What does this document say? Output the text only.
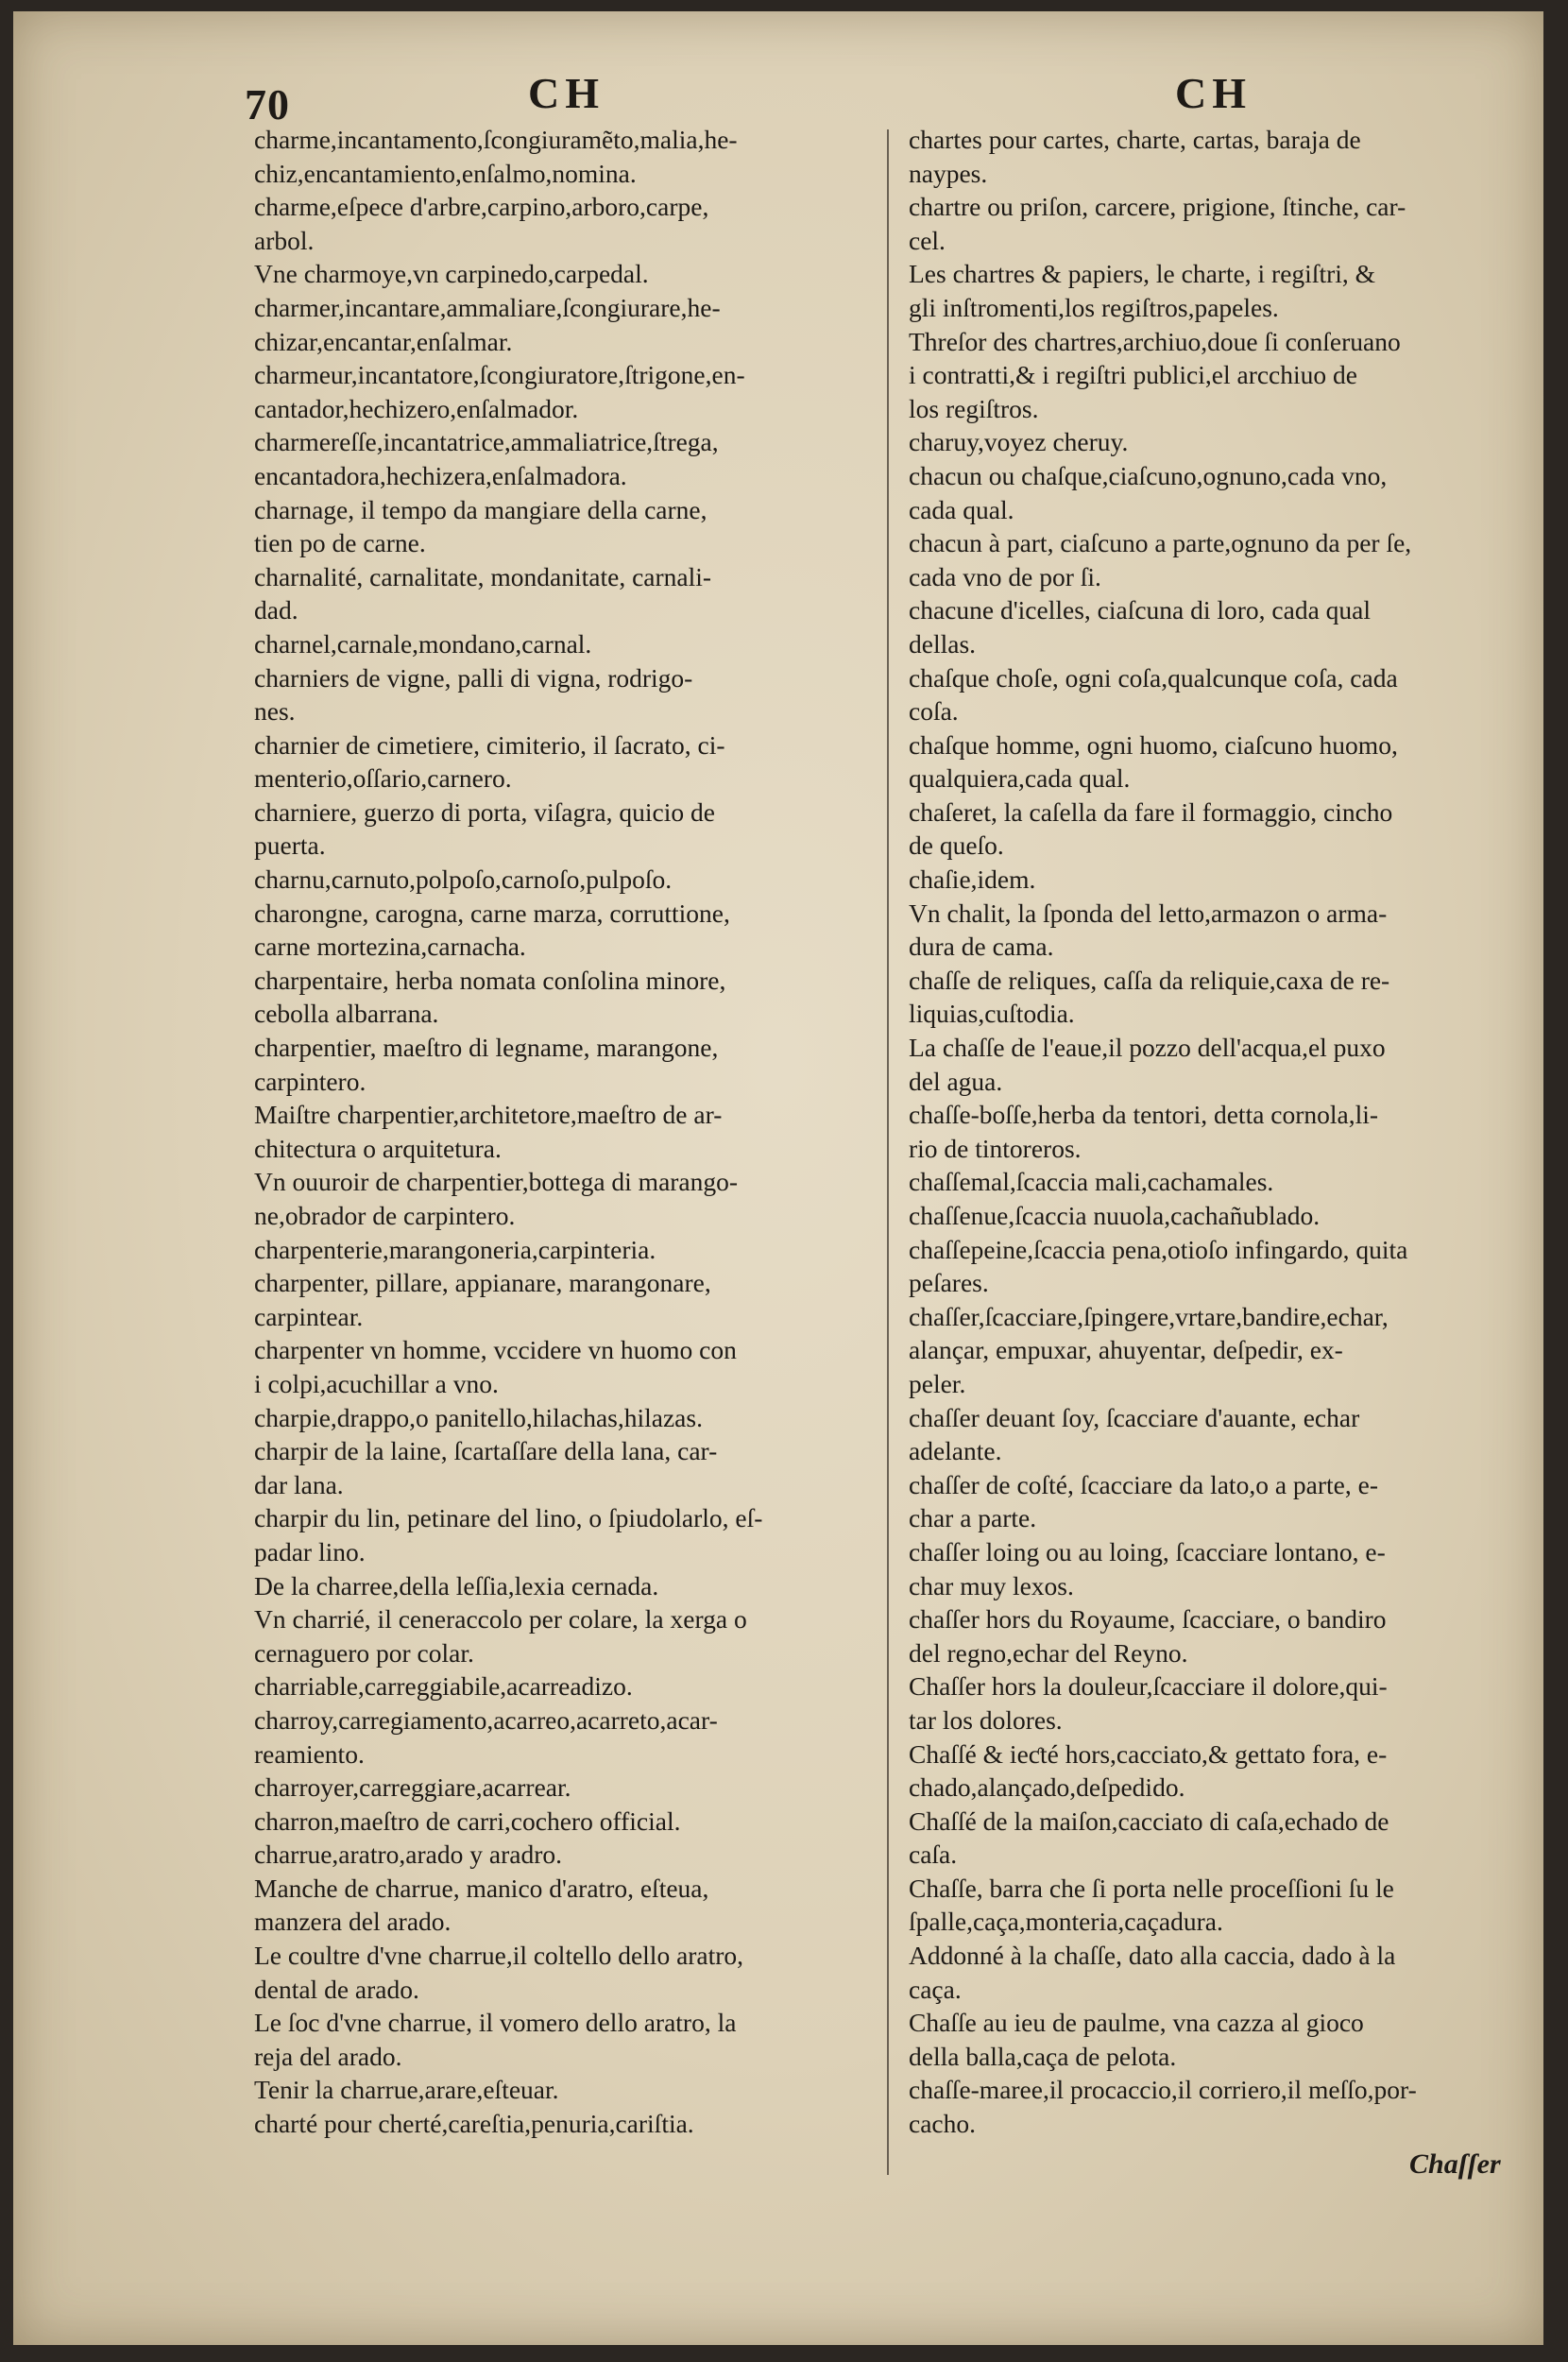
70	CH	CH
charme,incantamento,ſcongiuramẽto,malia,he-
chiz,encantamiento,enſalmo,nomina.
charme,eſpece d'arbre,carpino,arboro,carpe,
arbol.
Vne charmoye,vn carpinedo,carpedal.
charmer,incantare,ammaliare,ſcongiurare,he-
chizar,encantar,enſalmar.
charmeur,incantatore,ſcongiuratore,ſtrigone,en-
cantador,hechizero,enſalmador.
charmereſſe,incantatrice,ammaliatrice,ſtrega,
encantadora,hechizera,enſalmadora.
charnage, il tempo da mangiare della carne,
tien po de carne.
charnalité, carnalitate, mondanitate, carnali-
dad.
charnel,carnale,mondano,carnal.
charniers de vigne, palli di vigna, rodrigo-
nes.
charnier de cimetiere, cimiterio, il ſacrato, ci-
menterio,oſſario,carnero.
charniere, guerzo di porta, viſagra, quicio de
puerta.
charnu,carnuto,polpoſo,carnoſo,pulpoſo.
charongne, carogna, carne marza, corruttione,
carne mortezina,carnacha.
charpentaire, herba nomata conſolina minore,
cebolla albarrana.
charpentier, maeſtro di legname, marangone,
carpintero.
Maiſtre charpentier,architetore,maeſtro de ar-
chitectura o arquitetura.
Vn ouuroir de charpentier,bottega di marango-
ne,obrador de carpintero.
charpenterie,marangoneria,carpinteria.
charpenter, pillare, appianare, marangonare,
carpintear.
charpenter vn homme, vccidere vn huomo con
i colpi,acuchillar a vno.
charpie,drappo,o panitello,hilachas,hilazas.
charpir de la laine, ſcartaſſare della lana, car-
dar lana.
charpir du lin, petinare del lino, o ſpiudolarlo, eſ-
padar lino.
De la charree,della leſſia,lexia cernada.
Vn charrié, il ceneraccolo per colare, la xerga o
cernaguero por colar.
charriable,carreggiabile,acarreadizo.
charroy,carregiamento,acarreo,acarreto,acar-
reamiento.
charroyer,carreggiare,acarrear.
charron,maeſtro de carri,cochero official.
charrue,aratro,arado y aradro.
Manche de charrue, manico d'aratro, eſteua,
manzera del arado.
Le coultre d'vne charrue,il coltello dello aratro,
dental de arado.
Le ſoc d'vne charrue, il vomero dello aratro, la
reja del arado.
Tenir la charrue,arare,eſteuar.
charté pour cherté,careſtia,penuria,cariſtia.
chartes pour cartes, charte, cartas, baraja de
naypes.
chartre ou priſon, carcere, prigione, ſtinche, car-
cel.
Les chartres & papiers, le charte, i regiſtri, &
gli inſtromenti,los regiſtros,papeles.
Threſor des chartres,archiuo,doue ſi conſeruano
i contratti,& i regiſtri publici,el arcchiuo de
los regiſtros.
charuy,voyez cheruy.
chacun ou chaſque,ciaſcuno,ognuno,cada vno,
cada qual.
chacun à part, ciaſcuno a parte,ognuno da per ſe,
cada vno de por ſi.
chacune d'icelles, ciaſcuna di loro, cada qual
dellas.
chaſque choſe, ogni coſa,qualcunque coſa, cada
coſa.
chaſque homme, ogni huomo, ciaſcuno huomo,
qualquiera,cada qual.
chaſeret, la caſella da fare il formaggio, cincho
de queſo.
chaſie,idem.
Vn chalit, la ſponda del letto,armazon o arma-
dura de cama.
chaſſe de reliques, caſſa da reliquie,caxa de re-
liquias,cuſtodia.
La chaſſe de l'eaue,il pozzo dell'acqua,el puxo
del agua.
chaſſe-boſſe,herba da tentori, detta cornola,li-
rio de tintoreros.
chaſſemal,ſcaccia mali,cachamales.
chaſſenue,ſcaccia nuuola,cachañublado.
chaſſepeine,ſcaccia pena,otioſo infingardo, quita
peſares.
chaſſer,ſcacciare,ſpingere,vrtare,bandire,echar,
alançar, empuxar, ahuyentar, deſpedir, ex-
peler.
chaſſer deuant ſoy, ſcacciare d'auante, echar
adelante.
chaſſer de coſté, ſcacciare da lato,o a parte, e-
char a parte.
chaſſer loing ou au loing, ſcacciare lontano, e-
char muy lexos.
chaſſer hors du Royaume, ſcacciare, o bandiro
del regno,echar del Reyno.
Chaſſer hors la douleur,ſcacciare il dolore,qui-
tar los dolores.
Chaſſé & ieƈté hors,cacciato,& gettato fora, e-
chado,alançado,deſpedido.
Chaſſé de la maiſon,cacciato di caſa,echado de
caſa.
Chaſſe, barra che ſi porta nelle proceſſioni ſu le
ſpalle,caça,monteria,caçadura.
Addonné à la chaſſe, dato alla caccia, dado à la
caça.
Chaſſe au ieu de paulme, vna cazza al gioco
della balla,caça de pelota.
chaſſe-maree,il procaccio,il corriero,il meſſo,por-
cacho.
Chaſſer
